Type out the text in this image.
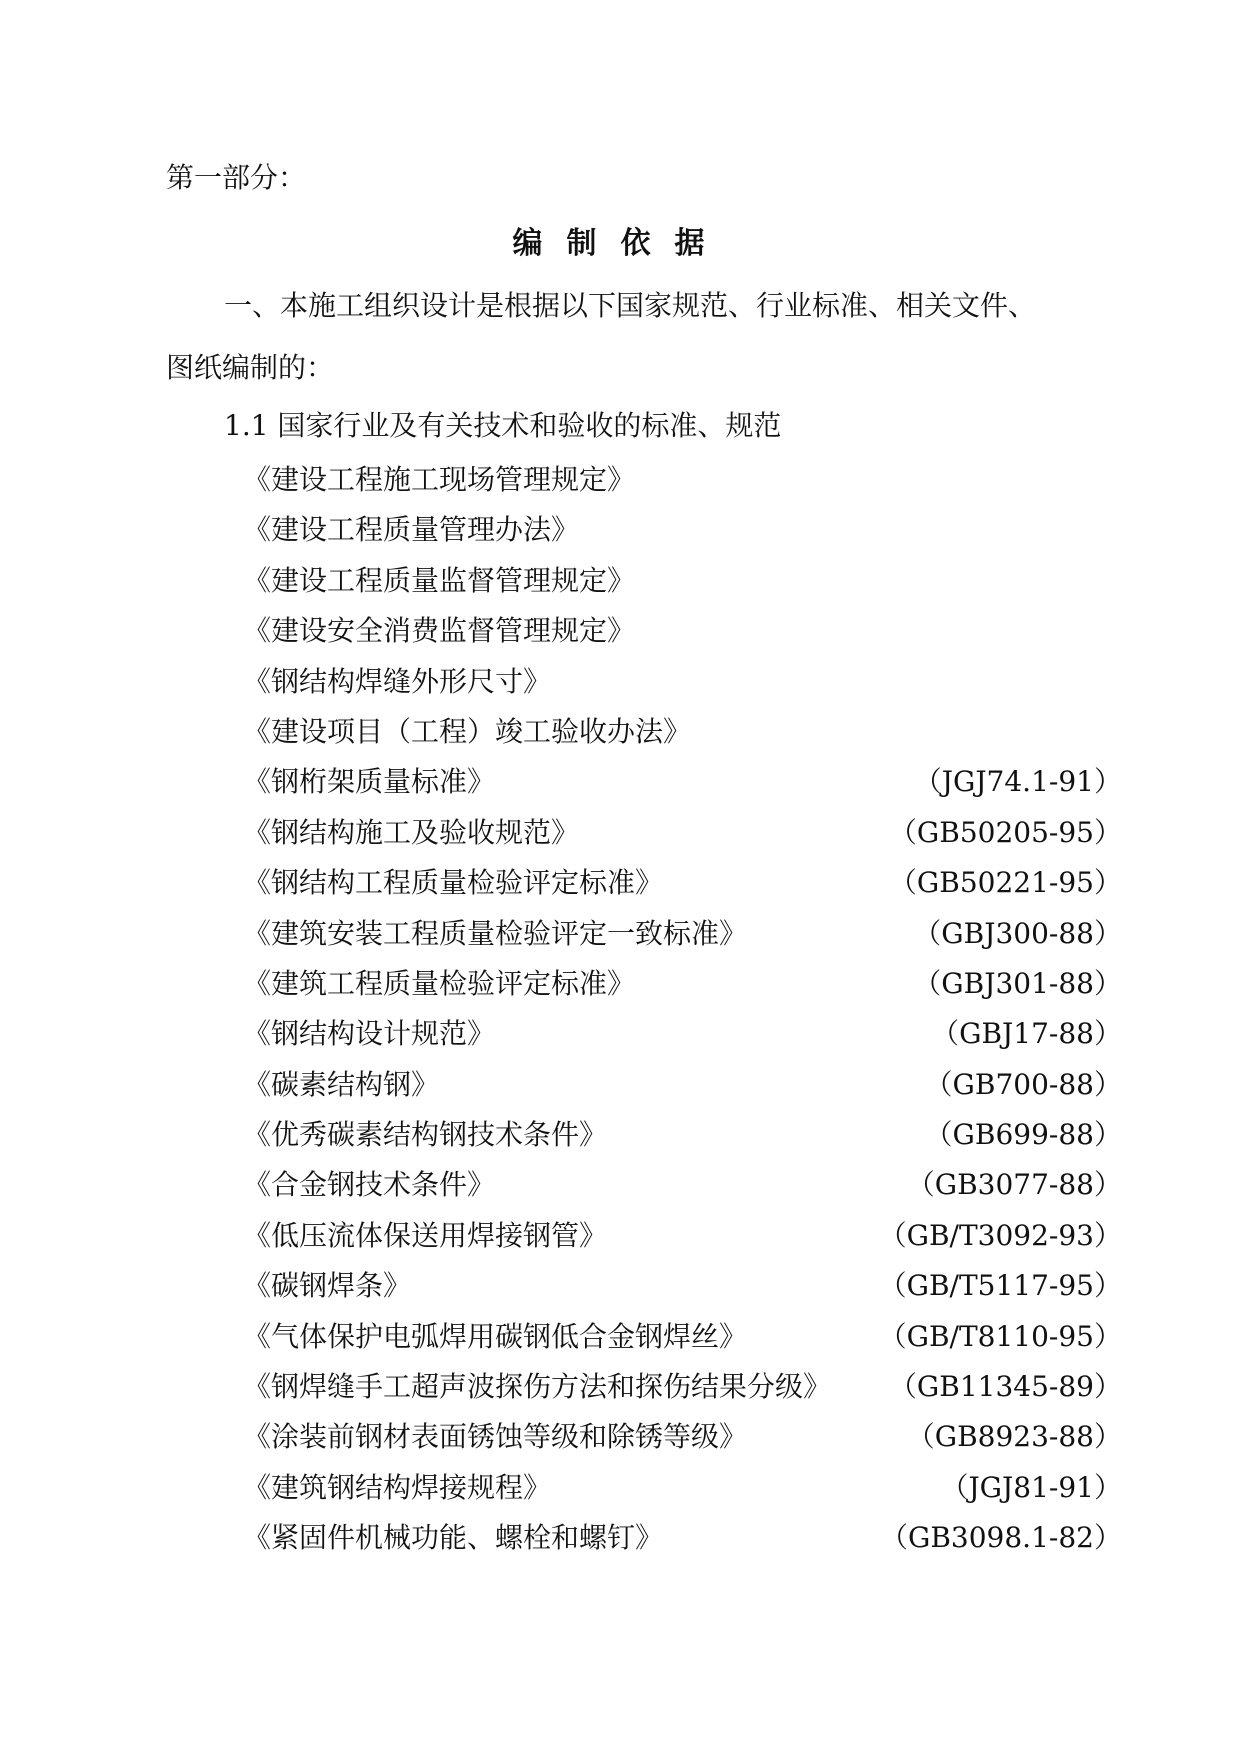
第一部分：
编制依据
一、本施工组织设计是根据以下国家规范、行业标准、相关文件、
图纸编制的：
1.1 国家行业及有关技术和验收的标准、规范
《建设工程施工现场管理规定》
《建设工程质量管理办法》
《建设工程质量监督管理规定》
《建设安全消费监督管理规定》
《钢结构焊缝外形尺寸》
《建设项目（工程）竣工验收办法》
《钢桁架质量标准》	（JGJ74.1-91）
《钢结构施工及验收规范》	（GB50205-95）
《钢结构工程质量检验评定标准》	（GB50221-95）
《建筑安装工程质量检验评定一致标准》	（GBJ300-88）
《建筑工程质量检验评定标准》	（GBJ301-88）
《钢结构设计规范》	（GBJ17-88）
《碳素结构钢》	（GB700-88）
《优秀碳素结构钢技术条件》	（GB699-88）
《合金钢技术条件》	（GB3077-88）
《低压流体保送用焊接钢管》	（GB/T3092-93）
《碳钢焊条》	（GB/T5117-95）
《气体保护电弧焊用碳钢低合金钢焊丝》	（GB/T8110-95）
《钢焊缝手工超声波探伤方法和探伤结果分级》 （GB11345-89）
《涂装前钢材表面锈蚀等级和除锈等级》	（GB8923-88）
《建筑钢结构焊接规程》	（JGJ81-91）
《紧固件机械功能、螺栓和螺钉》	（GB3098.1-82）
